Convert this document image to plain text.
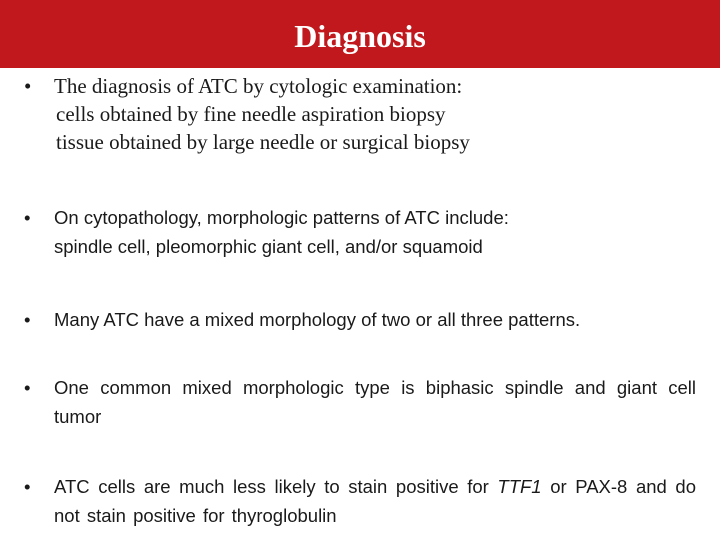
Diagnosis
• The diagnosis of ATC by cytologic examination:
cells obtained by fine needle aspiration biopsy
tissue obtained by large needle or surgical biopsy
• On cytopathology, morphologic patterns of ATC include:
spindle cell, pleomorphic giant cell, and/or squamoid
• Many ATC have a mixed morphology of two or all three patterns.
• One common mixed morphologic type is biphasic spindle and giant cell tumor
• ATC cells are much less likely to stain positive for TTF1 or PAX-8 and do not stain positive for thyroglobulin
